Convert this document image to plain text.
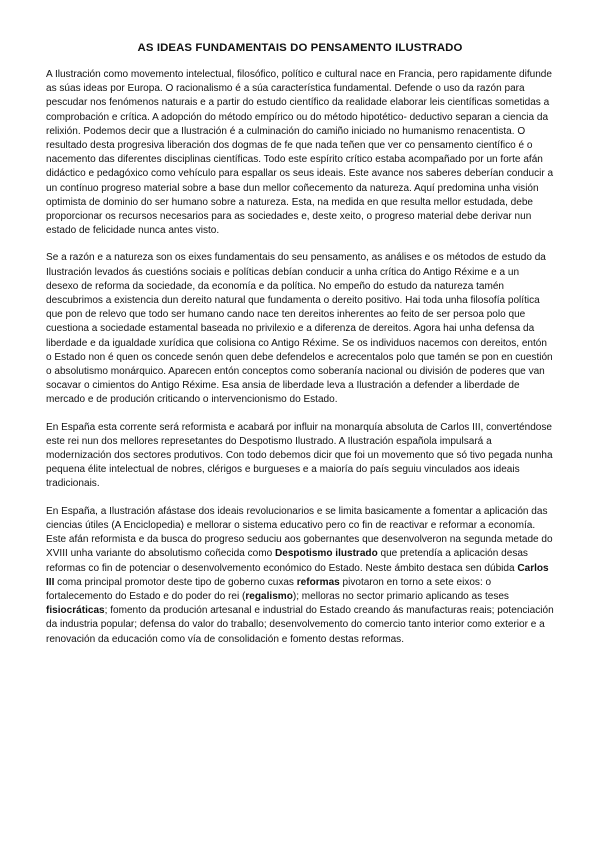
AS IDEAS FUNDAMENTAIS DO PENSAMENTO ILUSTRADO

A Ilustración como movemento intelectual, filosófico, político e cultural nace en Francia, pero rapidamente difunde as súas ideas por Europa. O racionalismo é a súa característica fundamental. Defende o uso da razón para pescudar nos fenómenos naturais e a partir do estudo científico da realidade elaborar leis científicas sometidas a comprobación e crítica. A adopción do método empírico ou do método hipotético- deductivo separan a ciencia da relixión. Podemos decir que a Ilustración é a culminación do camiño iniciado no humanismo renacentista. O resultado desta progresiva liberación dos dogmas de fe que nada teñen que ver co pensamento científico é o nacemento das diferentes disciplinas científicas. Todo este espírito crítico estaba acompañado por un forte afán didáctico e pedagóxico como vehículo para espallar os seus ideais. Este avance nos saberes deberían conducir a un contínuo progreso material sobre a base dun mellor coñecemento da natureza. Aquí predomina unha visión optimista de dominio do ser humano sobre a natureza. Esta, na medida en que resulta mellor estudada, debe proporcionar os recursos necesarios para as sociedades e, deste xeito, o progreso material debe derivar nun estado de felicidade nunca antes visto.

Se a razón e a natureza son os eixes fundamentais do seu pensamento, as análises e os métodos de estudo da Ilustración levados ás cuestións sociais e políticas debían conducir a unha crítica do Antigo Réxime e a un desexo de reforma da sociedade, da economía e da política. No empeño do estudo da natureza tamén descubrimos a existencia dun dereito natural que fundamenta o dereito positivo. Hai toda unha filosofía política que pon de relevo que todo ser humano cando nace ten dereitos inherentes ao feito de ser persoa polo que cuestiona a sociedade estamental baseada no privilexio e a diferenza de dereitos. Agora hai unha defensa da liberdade e da igualdade xurídica que colisiona co Antigo Réxime. Se os individuos nacemos con dereitos, entón o Estado non é quen os concede senón quen debe defendelos e acrecentalos polo que tamén se pon en cuestión o absolutismo monárquico. Aparecen entón conceptos como soberanía nacional ou división de poderes que van socavar o cimientos do Antigo Réxime. Esa ansia de liberdade leva a Ilustración a defender a liberdade de mercado e de produción criticando o intervencionismo do Estado.

En España esta corrente será reformista e acabará por influir na monarquía absoluta de Carlos III, converténdose este rei nun dos mellores represetantes do Despotismo Ilustrado. A Ilustración española impulsará a modernización dos sectores produtivos. Con todo debemos dicir que foi un movemento que só tivo pegada nunha pequena élite intelectual de nobres, clérigos e burgueses e a maioría do país seguiu vinculados aos ideais tradicionais.

En España, a Ilustración afástase dos ideais revolucionarios e se limita basicamente a fomentar a aplicación das ciencias útiles (A Enciclopedia) e mellorar o sistema educativo pero co fin de reactivar e reformar a economía. Este afán reformista e da busca do progreso seduciu aos gobernantes que desenvolveron na segunda metade do XVIII unha variante do absolutismo coñecida como Despotismo ilustrado que pretendía a aplicación desas reformas co fin de potenciar o desenvolvemento económico do Estado. Neste ámbito destaca sen dúbida Carlos III coma principal promotor deste tipo de goberno cuxas reformas pivotaron en torno a sete eixos: o fortalecemento do Estado e do poder do rei (regalismo); melloras no sector primario aplicando as teses fisiocráticas; fomento da produción artesanal e industrial do Estado creando ás manufacturas reais; potenciación da industria popular; defensa do valor do traballo; desenvolvemento do comercio tanto interior como exterior e a renovación da educación como vía de consolidación e fomento destas reformas.
